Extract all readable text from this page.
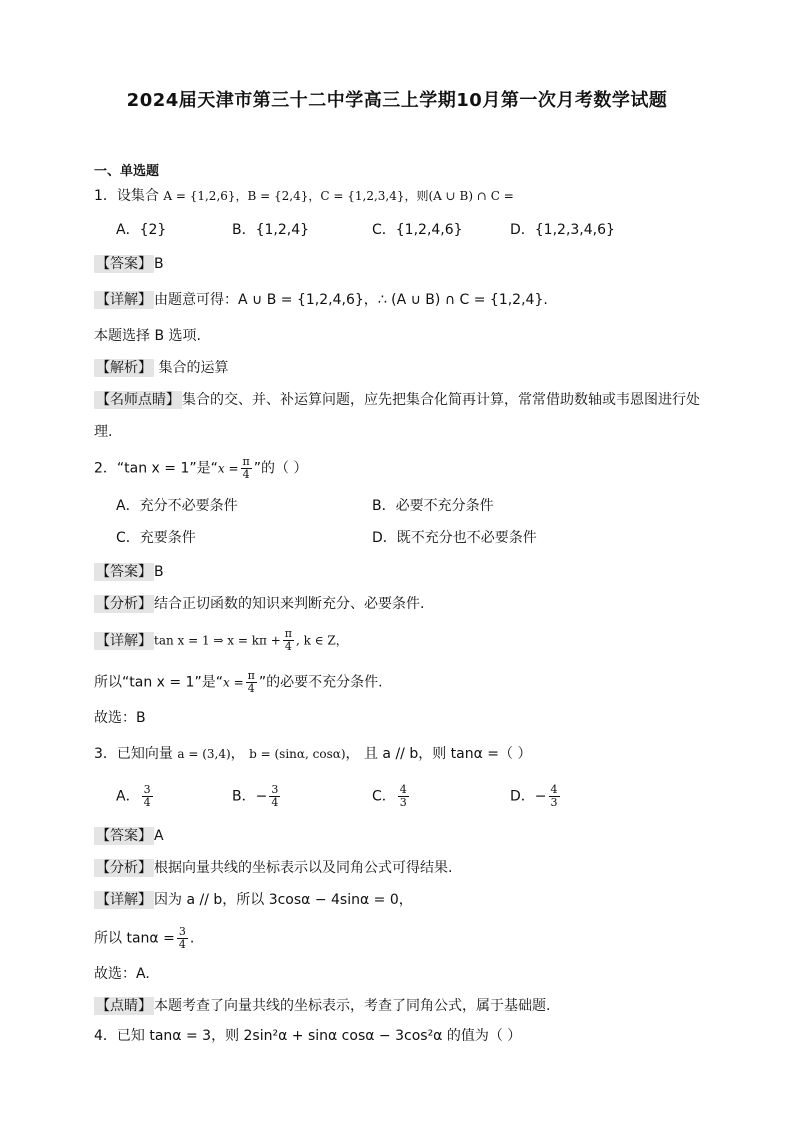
2024届天津市第三十二中学高三上学期10月第一次月考数学试题
一、单选题
1．设集合 A = {1,2,6}，B = {2,4}，C = {1,2,3,4}，则(A ∪ B) ∩ C =
A．{2}	B．{1,2,4}	C．{1,2,4,6}	D．{1,2,3,4,6}
【答案】 B
【详解】 由题意可得：A ∪ B = {1,2,4,6}，∴ (A ∪ B) ∩ C = {1,2,4}.
本题选择 B 选项.
【解析】 集合的运算
【名师点睛】 集合的交、并、补运算问题，应先把集合化简再计算，常常借助数轴或韦恩图进行处
理.
2．“tan x = 1”是“$x = \frac{\pi}{4}$ ”的（ ）
A．充分不必要条件	B．必要不充分条件
C．充要条件	D．既不充分也不必要条件
【答案】 B
【分析】 结合正切函数的知识来判断充分、必要条件.
【详解】 tan x = 1 ⇒ $x = k\pi + \frac{\pi}{4}$ , k ∈ Z，
所以“tan x = 1”是“$x = \frac{\pi}{4}$ ”的必要不充分条件.
故选：B
3．已知向量 a = (3,4)， b = (sinα, cosα)， 且 a // b，则 tanα =（ ）
A． $\frac{3}{4}$	B．− $\frac{3}{4}$	C． $\frac{4}{3}$	D．− $\frac{4}{3}$
【答案】 A
【分析】 根据向量共线的坐标表示以及同角公式可得结果.
【详解】 因为 a // b，所以 3cosα − 4sinα = 0，
所以 $\tan\alpha = \frac{3}{4}$ .
故选：A.
【点睛】 本题考查了向量共线的坐标表示，考查了同角公式，属于基础题.
4．已知 tanα = 3，则 2sin²α + sinα cosα − 3cos²α 的值为（ ）
